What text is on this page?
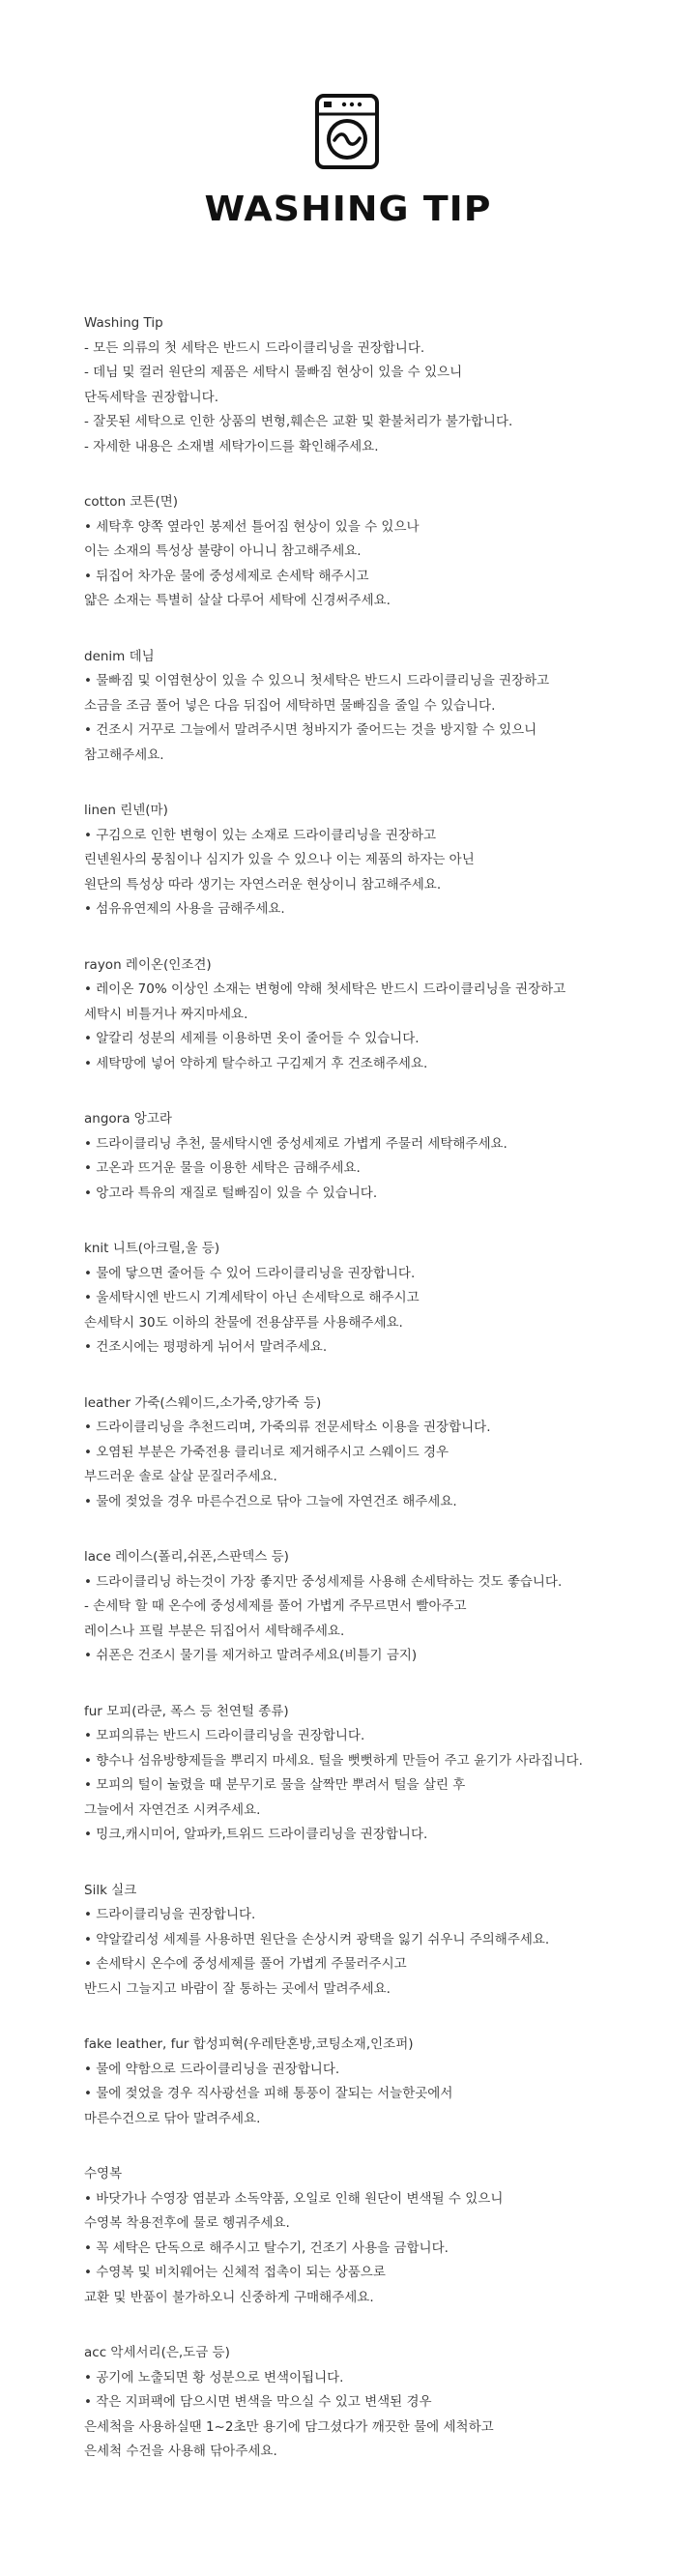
WASHING TIP
Washing Tip
- 모든 의류의 첫 세탁은 반드시 드라이클리닝을 권장합니다.
- 데님 및 컬러 원단의 제품은 세탁시 물빠짐 현상이 있을 수 있으니
단독세탁을 권장합니다.
- 잘못된 세탁으로 인한 상품의 변형,훼손은 교환 및 환불처리가 불가합니다.
- 자세한 내용은 소재별 세탁가이드를 확인해주세요.
cotton 코튼(면)
• 세탁후 양쪽 옆라인 봉제선 틀어짐 현상이 있을 수 있으나
이는 소재의 특성상 불량이 아니니 참고해주세요.
• 뒤집어 차가운 물에 중성세제로 손세탁 해주시고
얇은 소재는 특별히 살살 다루어 세탁에 신경써주세요.
denim 데님
• 물빠짐 및 이염현상이 있을 수 있으니 첫세탁은 반드시 드라이클리닝을 권장하고
소금을 조금 풀어 넣은 다음 뒤집어 세탁하면 물빠짐을 줄일 수 있습니다.
• 건조시 거꾸로 그늘에서 말려주시면 청바지가 줄어드는 것을 방지할 수 있으니
참고해주세요.
linen 린넨(마)
• 구김으로 인한 변형이 있는 소재로 드라이클리닝을 권장하고
린넨원사의 뭉침이나 심지가 있을 수 있으나 이는 제품의 하자는 아닌
원단의 특성상 따라 생기는 자연스러운 현상이니 참고해주세요.
• 섬유유연제의 사용을 금해주세요.
rayon 레이온(인조견)
• 레이온 70% 이상인 소재는 변형에 약해 첫세탁은 반드시 드라이클리닝을 권장하고
세탁시 비틀거나 짜지마세요.
• 알칼리 성분의 세제를 이용하면 옷이 줄어들 수 있습니다.
• 세탁망에 넣어 약하게 탈수하고 구김제거 후 건조해주세요.
angora 앙고라
• 드라이클리닝 추천, 물세탁시엔 중성세제로 가볍게 주물러 세탁해주세요.
• 고온과 뜨거운 물을 이용한 세탁은 금해주세요.
• 앙고라 특유의 재질로 털빠짐이 있을 수 있습니다.
knit 니트(아크릴,울 등)
• 물에 닿으면 줄어들 수 있어 드라이클리닝을 권장합니다.
• 울세탁시엔 반드시 기계세탁이 아닌 손세탁으로 해주시고
손세탁시 30도 이하의 찬물에 전용샴푸를 사용해주세요.
• 건조시에는 평평하게 뉘어서 말려주세요.
leather 가죽(스웨이드,소가죽,양가죽 등)
• 드라이클리닝을 추천드리며, 가죽의류 전문세탁소 이용을 권장합니다.
• 오염된 부분은 가죽전용 클리너로 제거해주시고 스웨이드 경우
부드러운 솔로 살살 문질러주세요.
• 물에 젖었을 경우 마른수건으로 닦아 그늘에 자연건조 해주세요.
lace 레이스(폴리,쉬폰,스판덱스 등)
• 드라이클리닝 하는것이 가장 좋지만 중성세제를 사용해 손세탁하는 것도 좋습니다.
- 손세탁 할 때 온수에 중성세제를 풀어 가볍게 주무르면서 빨아주고
레이스나 프릴 부분은 뒤집어서 세탁해주세요.
• 쉬폰은 건조시 물기를 제거하고 말려주세요(비틀기 금지)
fur 모피(라쿤, 폭스 등 천연털 종류)
• 모피의류는 반드시 드라이클리닝을 권장합니다.
• 향수나 섬유방향제들을 뿌리지 마세요. 털을 뻣뻣하게 만들어 주고 윤기가 사라집니다.
• 모피의 털이 눌렸을 때 분무기로 물을 살짝만 뿌려서 털을 살린 후
그늘에서 자연건조 시켜주세요.
• 밍크,캐시미어, 알파카,트위드 드라이클리닝을 권장합니다.
Silk 실크
• 드라이클리닝을 권장합니다.
• 약알칼리성 세제를 사용하면 원단을 손상시켜 광택을 잃기 쉬우니 주의해주세요.
• 손세탁시 온수에 중성세제를 풀어 가볍게 주물러주시고
반드시 그늘지고 바람이 잘 통하는 곳에서 말려주세요.
fake leather, fur 합성피혁(우레탄혼방,코팅소재,인조퍼)
• 물에 약함으로 드라이클리닝을 권장합니다.
• 물에 젖었을 경우 직사광선을 피해 통풍이 잘되는 서늘한곳에서
마른수건으로 닦아 말려주세요.
수영복
• 바닷가나 수영장 염분과 소독약품, 오일로 인해 원단이 변색될 수 있으니
수영복 착용전후에 물로 헹궈주세요.
• 꼭 세탁은 단독으로 해주시고 탈수기, 건조기 사용을 금합니다.
• 수영복 및 비치웨어는 신체적 접촉이 되는 상품으로
교환 및 반품이 불가하오니 신중하게 구매해주세요.
acc 악세서리(은,도금 등)
• 공기에 노출되면 황 성분으로 변색이됩니다.
• 작은 지퍼팩에 담으시면 변색을 막으실 수 있고 변색된 경우
은세척을 사용하실땐 1~2초만 용기에 담그셨다가 깨끗한 물에 세척하고
은세척 수건을 사용해 닦아주세요.
